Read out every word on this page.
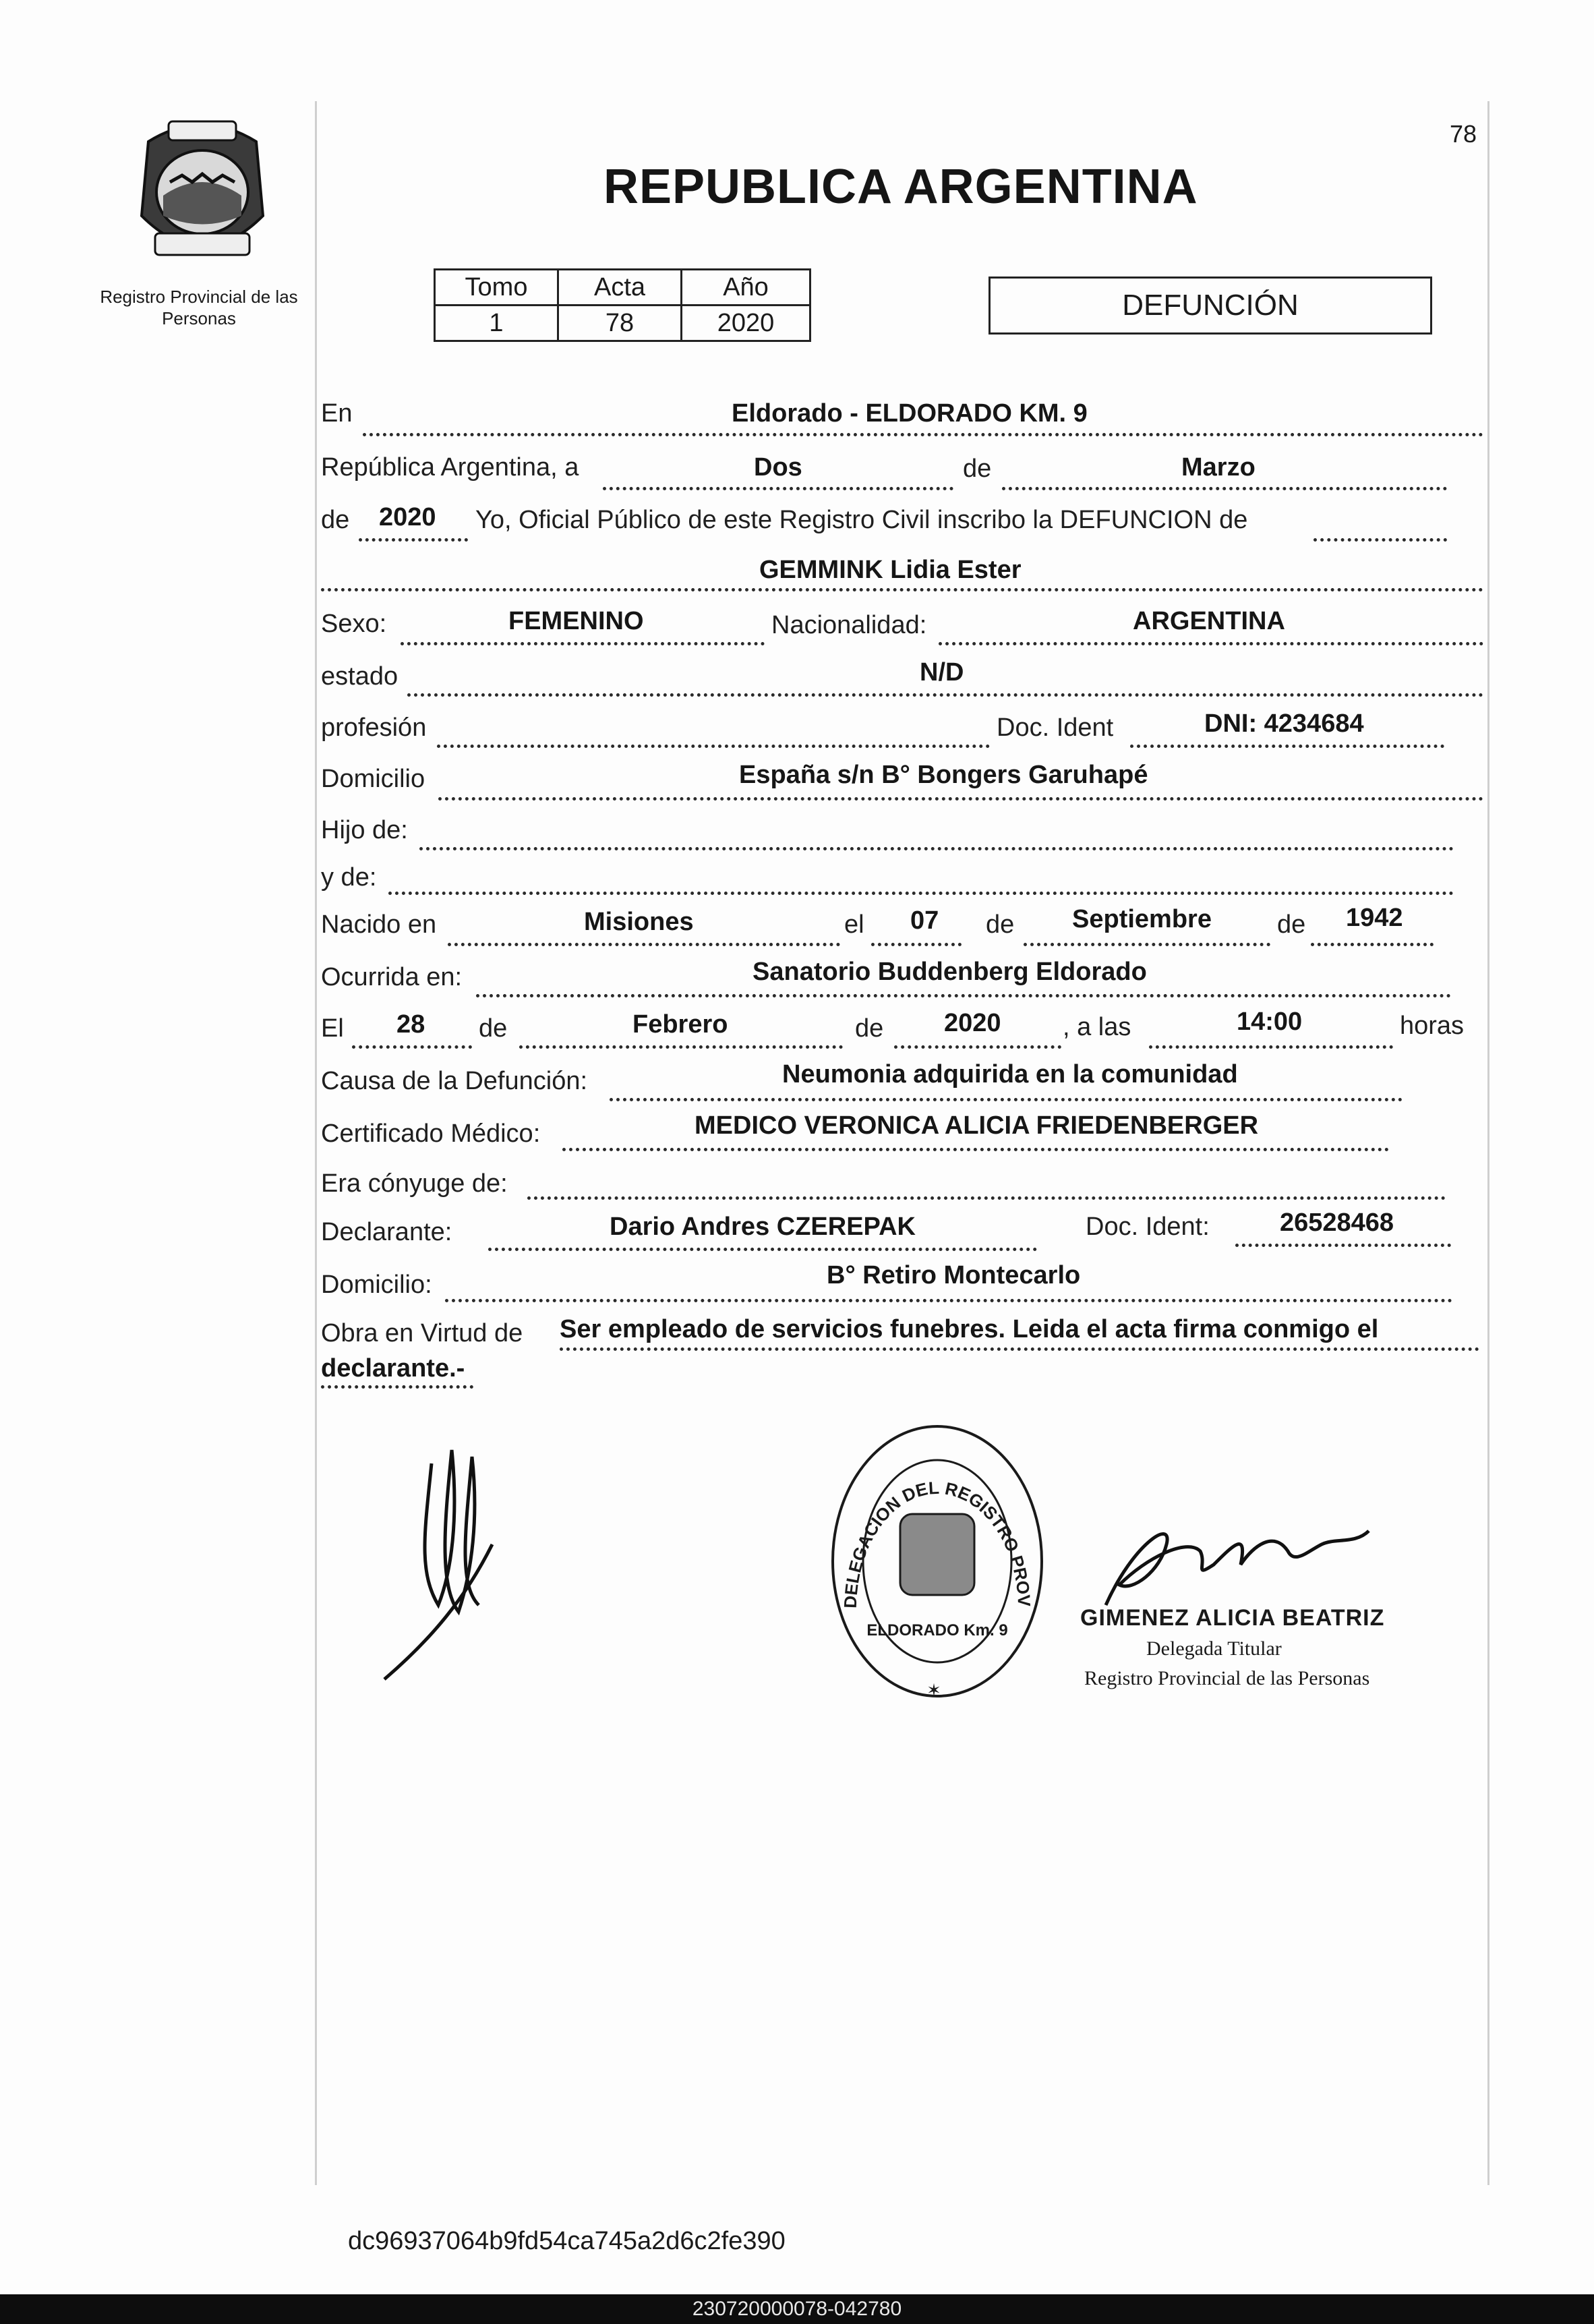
Registro Provincial de las Personas
78
REPUBLICA ARGENTINA
Tomo	Acta	Año
1	78	2020
DEFUNCIÓN
En	Eldorado - ELDORADO KM. 9
República Argentina, a	Dos	de	Marzo
de 2020 Yo, Oficial Público de este Registro Civil inscribo la DEFUNCION de
GEMMINK Lidia Ester
Sexo:	FEMENINO	Nacionalidad:	ARGENTINA
estado	N/D
profesión	Doc. Ident	DNI: 4234684
Domicilio	España s/n B° Bongers Garuhapé
Hijo de:
y de:
Nacido en	Misiones	el 07 de Septiembre	de 1942
Ocurrida en:	Sanatorio Buddenberg Eldorado
El 28 de	Febrero	de 2020 , a las	14:00	horas
Causa de la Defunción:	Neumonia adquirida en la comunidad
Certificado Médico:	MEDICO VERONICA ALICIA FRIEDENBERGER
Era cónyuge de:
Declarante:	Dario Andres CZEREPAK	Doc. Ident:	26528468
Domicilio:	B° Retiro Montecarlo
Obra en Virtud de Ser empleado de servicios funebres. Leida el acta firma conmigo el
declarante.-
DELEGACION DEL REGISTRO PROV
ELDORADO Km. 9
✶
GIMENEZ ALICIA BEATRIZ
Delegada Titular
Registro Provincial de las Personas
dc96937064b9fd54ca745a2d6c2fe390
230720000078-042780
